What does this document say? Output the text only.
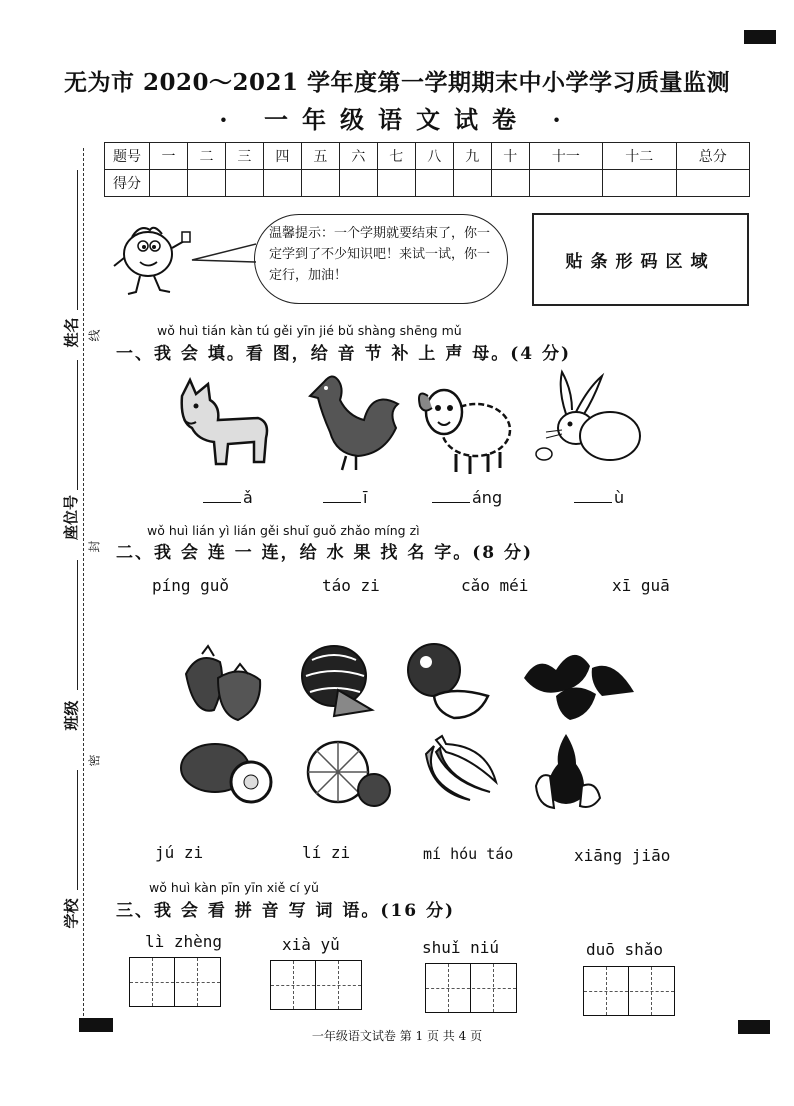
无为市 2020～2021 学年度第一学期期末中小学学习质量监测
· 一年级语文试卷 ·
题号	一	二	三	四	五	六	七	八	九	十	十一	十二	总分
得分													
姓名 线
座位号
封
班级
密
学校
温馨提示：一个学期就要结束了，你一定学到了不少知识吧！来试一试，你一定行，加油！
贴条形码区域
wǒ huì tián kàn tú gěi yīn jié bǔ shàng shēng mǔ
一、我 会 填。看 图，给 音 节 补 上 声 母。(4 分)
ǎ	ī	áng	ù
wǒ huì lián yì lián gěi shuǐ guǒ zhǎo míng zì
二、我 会 连 一 连，给 水 果 找 名 字。(8 分)
píng guǒ	táo zi	cǎo méi	xī guā
jú zi	lí zi	mí hóu táo	xiāng jiāo
wǒ huì kàn pīn yīn xiě cí yǔ
三、我 会 看 拼 音 写 词 语。(16 分)
lì zhèng	xià yǔ	shuǐ niú	duō shǎo
一年级语文试卷 第 1 页 共 4 页
